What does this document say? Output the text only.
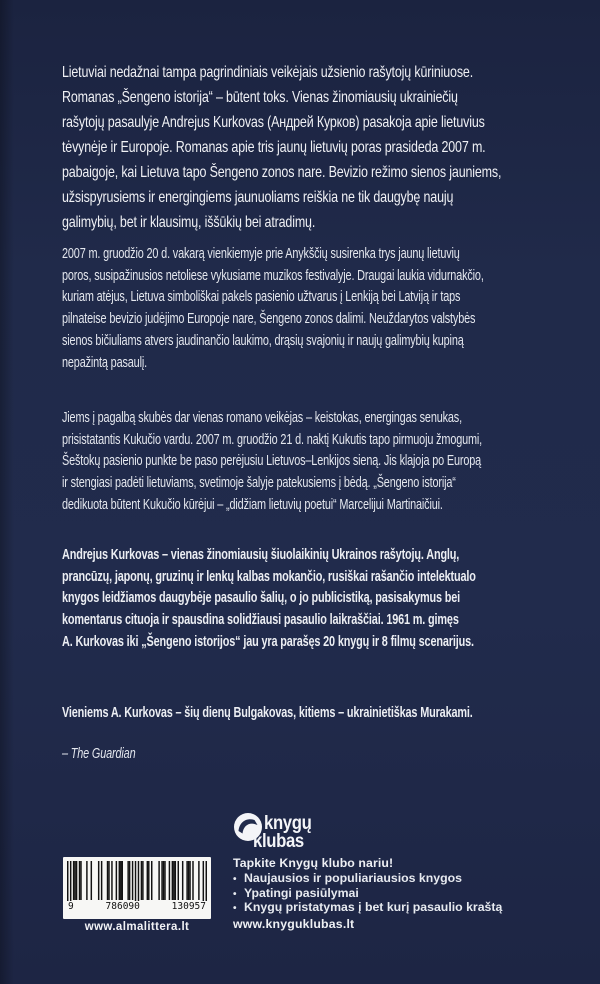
Lietuviai nedažnai tampa pagrindiniais veikėjais užsienio rašytojų kūriniuose.
Romanas „Šengeno istorija“ – būtent toks. Vienas žinomiausių ukrainiečių
rašytojų pasaulyje Andrejus Kurkovas (Андрей Курков) pasakoja apie lietuvius
tėvynėje ir Europoje. Romanas apie tris jaunų lietuvių poras prasideda 2007 m.
pabaigoje, kai Lietuva tapo Šengeno zonos nare. Bevizio režimo sienos jauniems,
užsispyrusiems ir energingiems jaunuoliams reiškia ne tik daugybę naujų
galimybių, bet ir klausimų, iššūkių bei atradimų.
2007 m. gruodžio 20 d. vakarą vienkiemyje prie Anykščių susirenka trys jaunų lietuvių
poros, susipažinusios netoliese vykusiame muzikos festivalyje. Draugai laukia vidurnakčio,
kuriam atėjus, Lietuva simboliškai pakels pasienio užtvarus į Lenkiją bei Latviją ir taps
pilnateise bevizio judėjimo Europoje nare, Šengeno zonos dalimi. Neuždarytos valstybės
sienos bičiuliams atvers jaudinančio laukimo, drąsių svajonių ir naujų galimybių kupiną
nepažintą pasaulį.
Jiems į pagalbą skubės dar vienas romano veikėjas – keistokas, energingas senukas,
prisistatantis Kukučio vardu. 2007 m. gruodžio 21 d. naktį Kukutis tapo pirmuoju žmogumi,
Šeštokų pasienio punkte be paso perėjusiu Lietuvos–Lenkijos sieną. Jis klajoja po Europą
ir stengiasi padėti lietuviams, svetimoje šalyje patekusiems į bėdą. „Šengeno istorija“
dedikuota būtent Kukučio kūrėjui – „didžiam lietuvių poetui“ Marcelijui Martinaičiui.
Andrejus Kurkovas – vienas žinomiausių šiuolaikinių Ukrainos rašytojų. Anglų,
prancūzų, japonų, gruzinų ir lenkų kalbas mokančio, rusiškai rašančio intelektualo
knygos leidžiamos daugybėje pasaulio šalių, o jo publicistiką, pasisakymus bei
komentarus cituoja ir spausdina solidžiausi pasaulio laikraščiai. 1961 m. gimęs
A. Kurkovas iki „Šengeno istorijos“ jau yra parašęs 20 knygų ir 8 filmų scenarijus.

Vieniems A. Kurkovas – šių dienų Bulgakovas, kitiems – ukrainietiškas Murakami.

– The Guardian

knygų
klubas
Tapkite Knygų klubo nariu!
• Naujausios ir populiariausios knygos
• Ypatingi pasiūlymai
• Knygų pristatymas į bet kurį pasaulio kraštą
www.knyguklubas.lt
9	786090	130957
www.almalittera.lt
